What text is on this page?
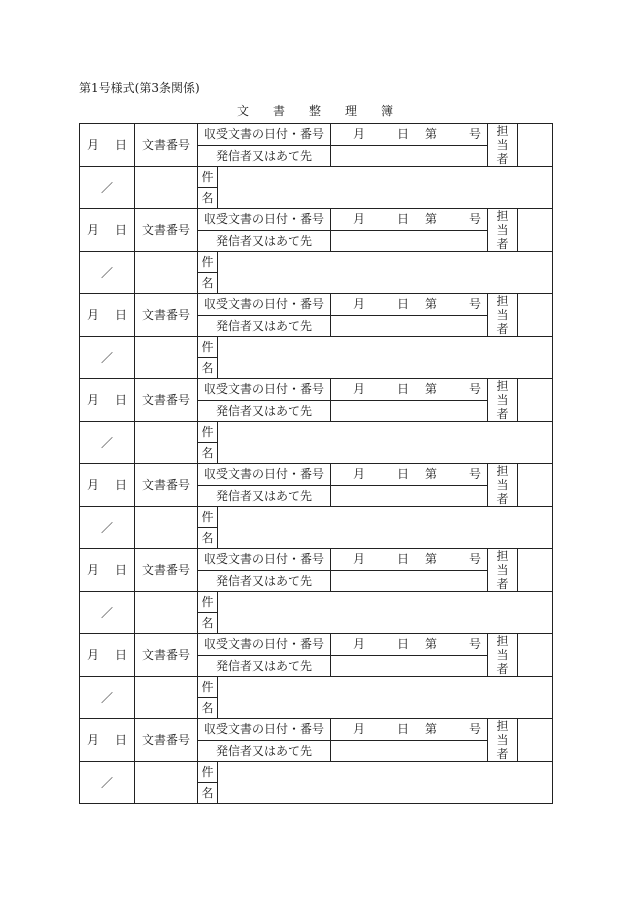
第1号様式(第3条関係)
文 書 整 理 簿
月 日	文書番号	収受文書の日付・番号		月 日 第 号	担
当
者	

		発信者又はあて先				
／		件				
		名				
月 日	文書番号	収受文書の日付・番号		月 日 第 号	担
当
者	

		発信者又はあて先				
／		件				
		名				
月 日	文書番号	収受文書の日付・番号		月 日 第 号	担
当
者	

		発信者又はあて先				
／		件				
		名				
月 日	文書番号	収受文書の日付・番号		月 日 第 号	担
当
者	

		発信者又はあて先				
／		件				
		名				
月 日	文書番号	収受文書の日付・番号		月 日 第 号	担
当
者	

		発信者又はあて先				
／		件				
		名				
月 日	文書番号	収受文書の日付・番号		月 日 第 号	担
当
者	

		発信者又はあて先				
／		件				
		名				
月 日	文書番号	収受文書の日付・番号		月 日 第 号	担
当
者	

		発信者又はあて先				
／		件				
		名				
月 日	文書番号	収受文書の日付・番号		月 日 第 号	担
当
者	

		発信者又はあて先				
／		件				
		名				
